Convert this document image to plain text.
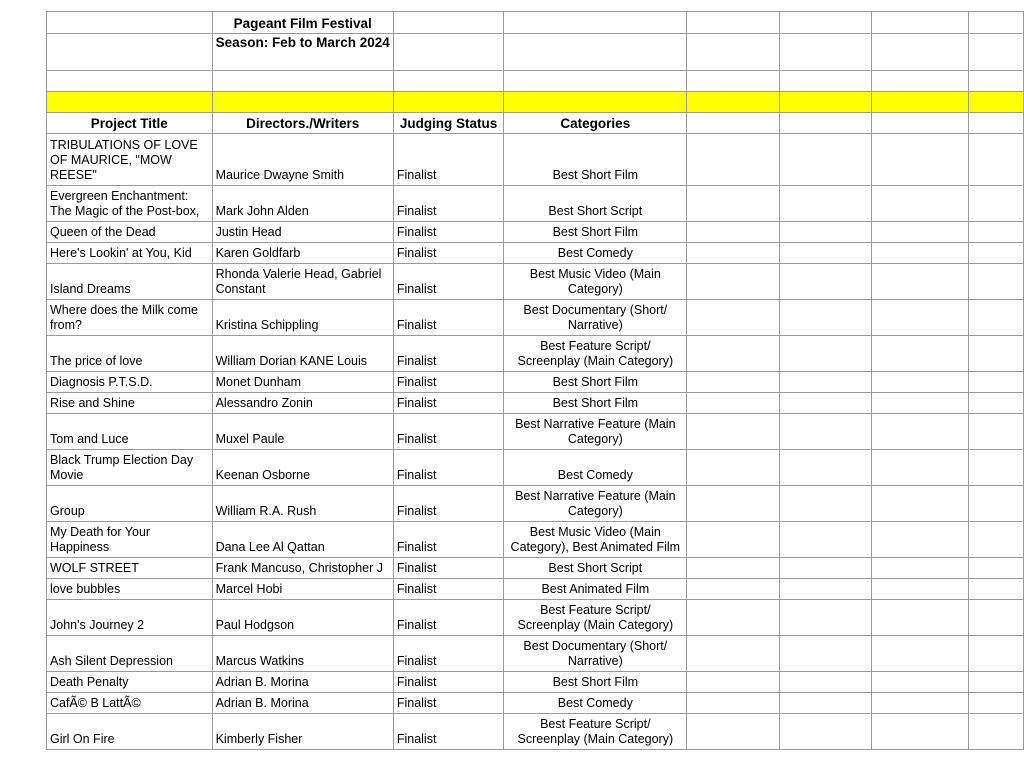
	Pageant Film Festival						
	Season: Feb to March 2024						

Project Title	Directors./Writers	Judging Status	Categories				
TRIBULATIONS OF LOVE OF MAURICE, "MOW REESE"	Maurice Dwayne Smith	Finalist	Best Short Film				
Evergreen Enchantment: The Magic of the Post-box,	Mark John Alden	Finalist	Best Short Script				
Queen of the Dead	Justin Head	Finalist	Best Short Film				
Here's Lookin' at You, Kid	Karen Goldfarb	Finalist	Best Comedy				
Island Dreams	Rhonda Valerie Head, Gabriel Constant	Finalist	Best Music Video (Main Category)				
Where does the Milk come from?	Kristina Schippling	Finalist	Best Documentary (Short/ Narrative)				
The price of love	William Dorian KANE Louis	Finalist	Best Feature Script/ Screenplay (Main Category)				
Diagnosis P.T.S.D.	Monet Dunham	Finalist	Best Short Film				
Rise and Shine	Alessandro Zonin	Finalist	Best Short Film				
Tom and Luce	Muxel Paule	Finalist	Best Narrative Feature (Main Category)				
Black Trump Election Day Movie	Keenan Osborne	Finalist	Best Comedy				
Group	William R.A. Rush	Finalist	Best Narrative Feature (Main Category)				
My Death for Your Happiness	Dana Lee Al Qattan	Finalist	Best Music Video (Main Category), Best Animated Film				
WOLF STREET	Frank Mancuso, Christopher J	Finalist	Best Short Script				
love bubbles	Marcel Hobi	Finalist	Best Animated Film				
John's Journey 2	Paul Hodgson	Finalist	Best Feature Script/ Screenplay (Main Category)				
Ash Silent Depression	Marcus Watkins	Finalist	Best Documentary (Short/ Narrative)				
Death Penalty	Adrian B. Morina	Finalist	Best Short Film				
CafÃ© B LattÃ©	Adrian B. Morina	Finalist	Best Comedy				
Girl On Fire	Kimberly Fisher	Finalist	Best Feature Script/ Screenplay (Main Category)				
